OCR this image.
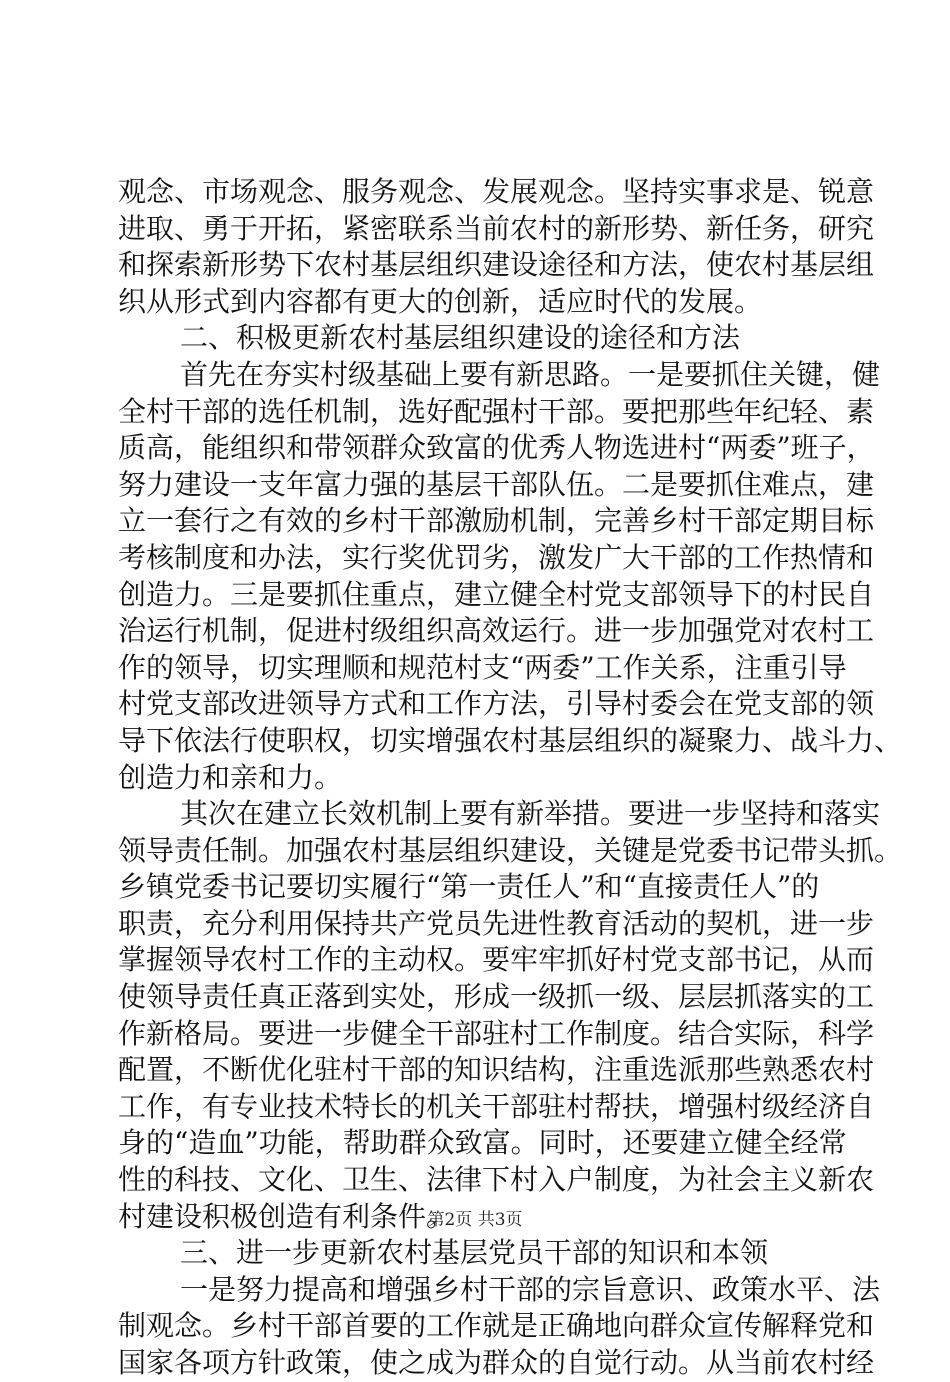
观念、市场观念、服务观念、发展观念。坚持实事求是、锐意
进取、勇于开拓，紧密联系当前农村的新形势、新任务，研究
和探索新形势下农村基层组织建设途径和方法，使农村基层组
织从形式到内容都有更大的创新，适应时代的发展。
二、积极更新农村基层组织建设的途径和方法
首先在夯实村级基础上要有新思路。一是要抓住关键，健
全村干部的选任机制，选好配强村干部。要把那些年纪轻、素
质高，能组织和带领群众致富的优秀人物选进村“两委”班子，
努力建设一支年富力强的基层干部队伍。二是要抓住难点，建
立一套行之有效的乡村干部激励机制，完善乡村干部定期目标
考核制度和办法，实行奖优罚劣，激发广大干部的工作热情和
创造力。三是要抓住重点，建立健全村党支部领导下的村民自
治运行机制，促进村级组织高效运行。进一步加强党对农村工
作的领导，切实理顺和规范村支“两委”工作关系，注重引导
村党支部改进领导方式和工作方法，引导村委会在党支部的领
导下依法行使职权，切实增强农村基层组织的凝聚力、战斗力、
创造力和亲和力。
其次在建立长效机制上要有新举措。要进一步坚持和落实
领导责任制。加强农村基层组织建设，关键是党委书记带头抓。
乡镇党委书记要切实履行“第一责任人”和“直接责任人”的
职责，充分利用保持共产党员先进性教育活动的契机，进一步
掌握领导农村工作的主动权。要牢牢抓好村党支部书记，从而
使领导责任真正落到实处，形成一级抓一级、层层抓落实的工
作新格局。要进一步健全干部驻村工作制度。结合实际，科学
配置，不断优化驻村干部的知识结构，注重选派那些熟悉农村
工作，有专业技术特长的机关干部驻村帮扶，增强村级经济自
身的“造血”功能，帮助群众致富。同时，还要建立健全经常
性的科技、文化、卫生、法律下村入户制度，为社会主义新农
村建设积极创造有利条件。
三、进一步更新农村基层党员干部的知识和本领
一是努力提高和增强乡村干部的宗旨意识、政策水平、法
制观念。乡村干部首要的工作就是正确地向群众宣传解释党和
国家各项方针政策，使之成为群众的自觉行动。从当前农村经
第2页 共3页
